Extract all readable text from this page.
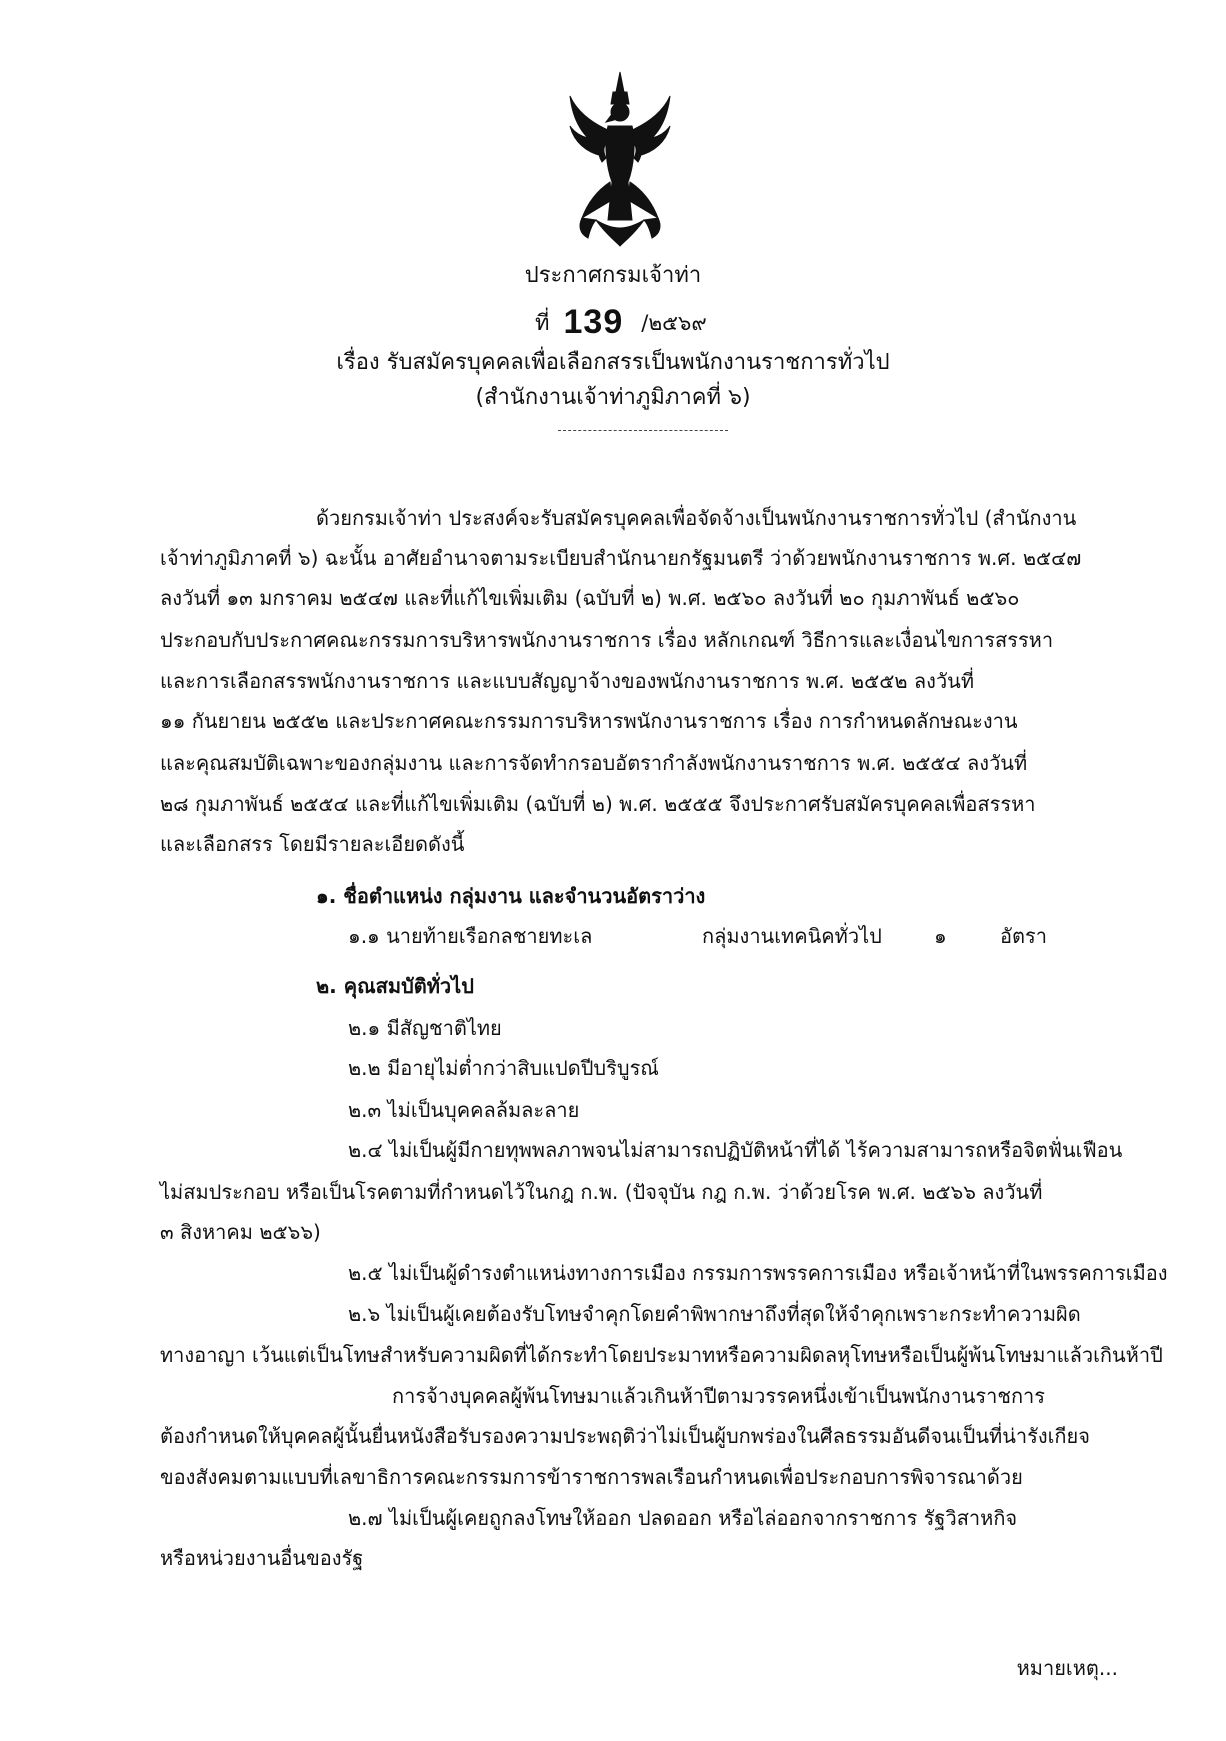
ประกาศกรมเจ้าท่า
ที่ 139 /๒๕๖๙
เรื่อง รับสมัครบุคคลเพื่อเลือกสรรเป็นพนักงานราชการทั่วไป
(สำนักงานเจ้าท่าภูมิภาคที่ ๖)
ด้วยกรมเจ้าท่า ประสงค์จะรับสมัครบุคคลเพื่อจัดจ้างเป็นพนักงานราชการทั่วไป (สำนักงาน
เจ้าท่าภูมิภาคที่ ๖) ฉะนั้น อาศัยอำนาจตามระเบียบสำนักนายกรัฐมนตรี ว่าด้วยพนักงานราชการ พ.ศ. ๒๕๔๗
ลงวันที่ ๑๓ มกราคม ๒๕๔๗ และที่แก้ไขเพิ่มเติม (ฉบับที่ ๒) พ.ศ. ๒๕๖๐ ลงวันที่ ๒๐ กุมภาพันธ์ ๒๕๖๐
ประกอบกับประกาศคณะกรรมการบริหารพนักงานราชการ เรื่อง หลักเกณฑ์ วิธีการและเงื่อนไขการสรรหา
และการเลือกสรรพนักงานราชการ และแบบสัญญาจ้างของพนักงานราชการ พ.ศ. ๒๕๕๒ ลงวันที่
๑๑ กันยายน ๒๕๕๒ และประกาศคณะกรรมการบริหารพนักงานราชการ เรื่อง การกำหนดลักษณะงาน
และคุณสมบัติเฉพาะของกลุ่มงาน และการจัดทำกรอบอัตรากำลังพนักงานราชการ พ.ศ. ๒๕๕๔ ลงวันที่
๒๘ กุมภาพันธ์ ๒๕๕๔ และที่แก้ไขเพิ่มเติม (ฉบับที่ ๒) พ.ศ. ๒๕๕๕ จึงประกาศรับสมัครบุคคลเพื่อสรรหา
และเลือกสรร โดยมีรายละเอียดดังนี้
๑. ชื่อตำแหน่ง กลุ่มงาน และจำนวนอัตราว่าง
๑.๑ นายท้ายเรือกลชายทะเล	กลุ่มงานเทคนิคทั่วไป	๑	อัตรา
๒. คุณสมบัติทั่วไป
๒.๑ มีสัญชาติไทย
๒.๒ มีอายุไม่ต่ำกว่าสิบแปดปีบริบูรณ์
๒.๓ ไม่เป็นบุคคลล้มละลาย
๒.๔ ไม่เป็นผู้มีกายทุพพลภาพจนไม่สามารถปฏิบัติหน้าที่ได้ ไร้ความสามารถหรือจิตฟั่นเฟือน
ไม่สมประกอบ หรือเป็นโรคตามที่กำหนดไว้ในกฎ ก.พ. (ปัจจุบัน กฎ ก.พ. ว่าด้วยโรค พ.ศ. ๒๕๖๖ ลงวันที่
๓ สิงหาคม ๒๕๖๖)
๒.๕ ไม่เป็นผู้ดำรงตำแหน่งทางการเมือง กรรมการพรรคการเมือง หรือเจ้าหน้าที่ในพรรคการเมือง
๒.๖ ไม่เป็นผู้เคยต้องรับโทษจำคุกโดยคำพิพากษาถึงที่สุดให้จำคุกเพราะกระทำความผิด
ทางอาญา เว้นแต่เป็นโทษสำหรับความผิดที่ได้กระทำโดยประมาทหรือความผิดลหุโทษหรือเป็นผู้พ้นโทษมาแล้วเกินห้าปี
การจ้างบุคคลผู้พ้นโทษมาแล้วเกินห้าปีตามวรรคหนึ่งเข้าเป็นพนักงานราชการ
ต้องกำหนดให้บุคคลผู้นั้นยื่นหนังสือรับรองความประพฤติว่าไม่เป็นผู้บกพร่องในศีลธรรมอันดีจนเป็นที่น่ารังเกียจ
ของสังคมตามแบบที่เลขาธิการคณะกรรมการข้าราชการพลเรือนกำหนดเพื่อประกอบการพิจารณาด้วย
๒.๗ ไม่เป็นผู้เคยถูกลงโทษให้ออก ปลดออก หรือไล่ออกจากราชการ รัฐวิสาหกิจ
หรือหน่วยงานอื่นของรัฐ
หมายเหตุ...
